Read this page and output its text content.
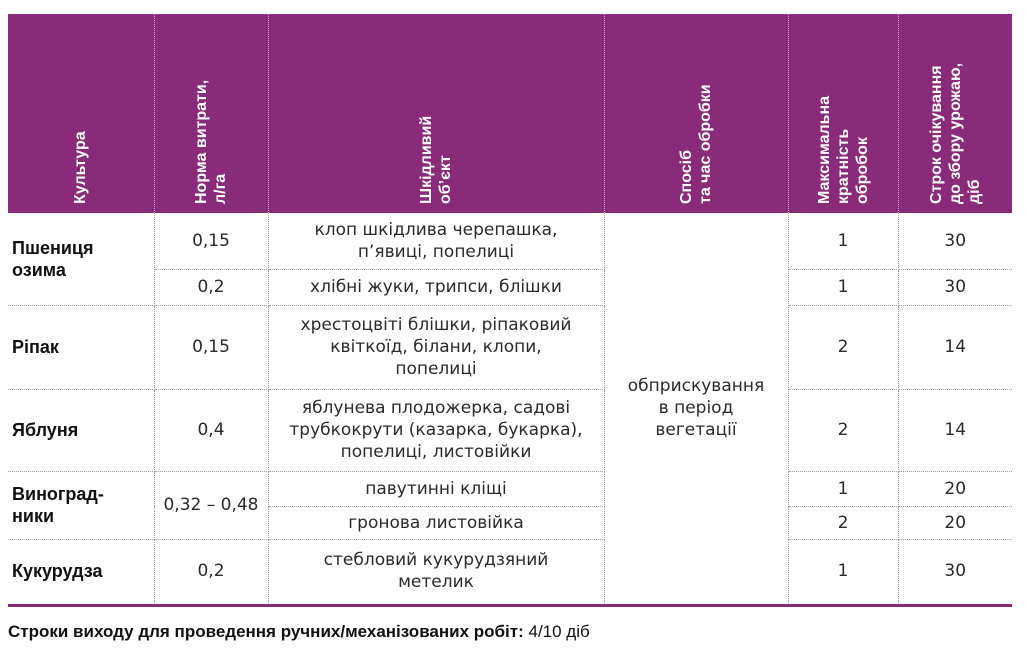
Культура	Норма витрати, л/га	Шкідливий об’єкт	Спосіб та час обробки	Максимальна кратність обробок	Строк очікування до збору урожаю, діб

Пшениця
озима	0,15	клоп шкідлива черепашка,
п’явиці, попелиці	обприскування
в період
вегетації	1	30
	0,2	хлібні жуки, трипси, блішки		1	30
Ріпак	0,15	хрестоцвіті блішки, ріпаковий
квіткоїд, білани, клопи,
попелиці		2	14
Яблуня	0,4	яблунева плодожерка, садові
трубкокрути (казарка, букарка),
попелиці, листовійки		2	14
Виноград-
ники	0,32 – 0,48	павутинні кліщі		1	20
		гронова листовійка		2	20
Кукурудза	0,2	стебловий кукурудзяний
метелик		1	30
Строки виходу для проведення ручних/механізованих робіт: 4/10 діб
